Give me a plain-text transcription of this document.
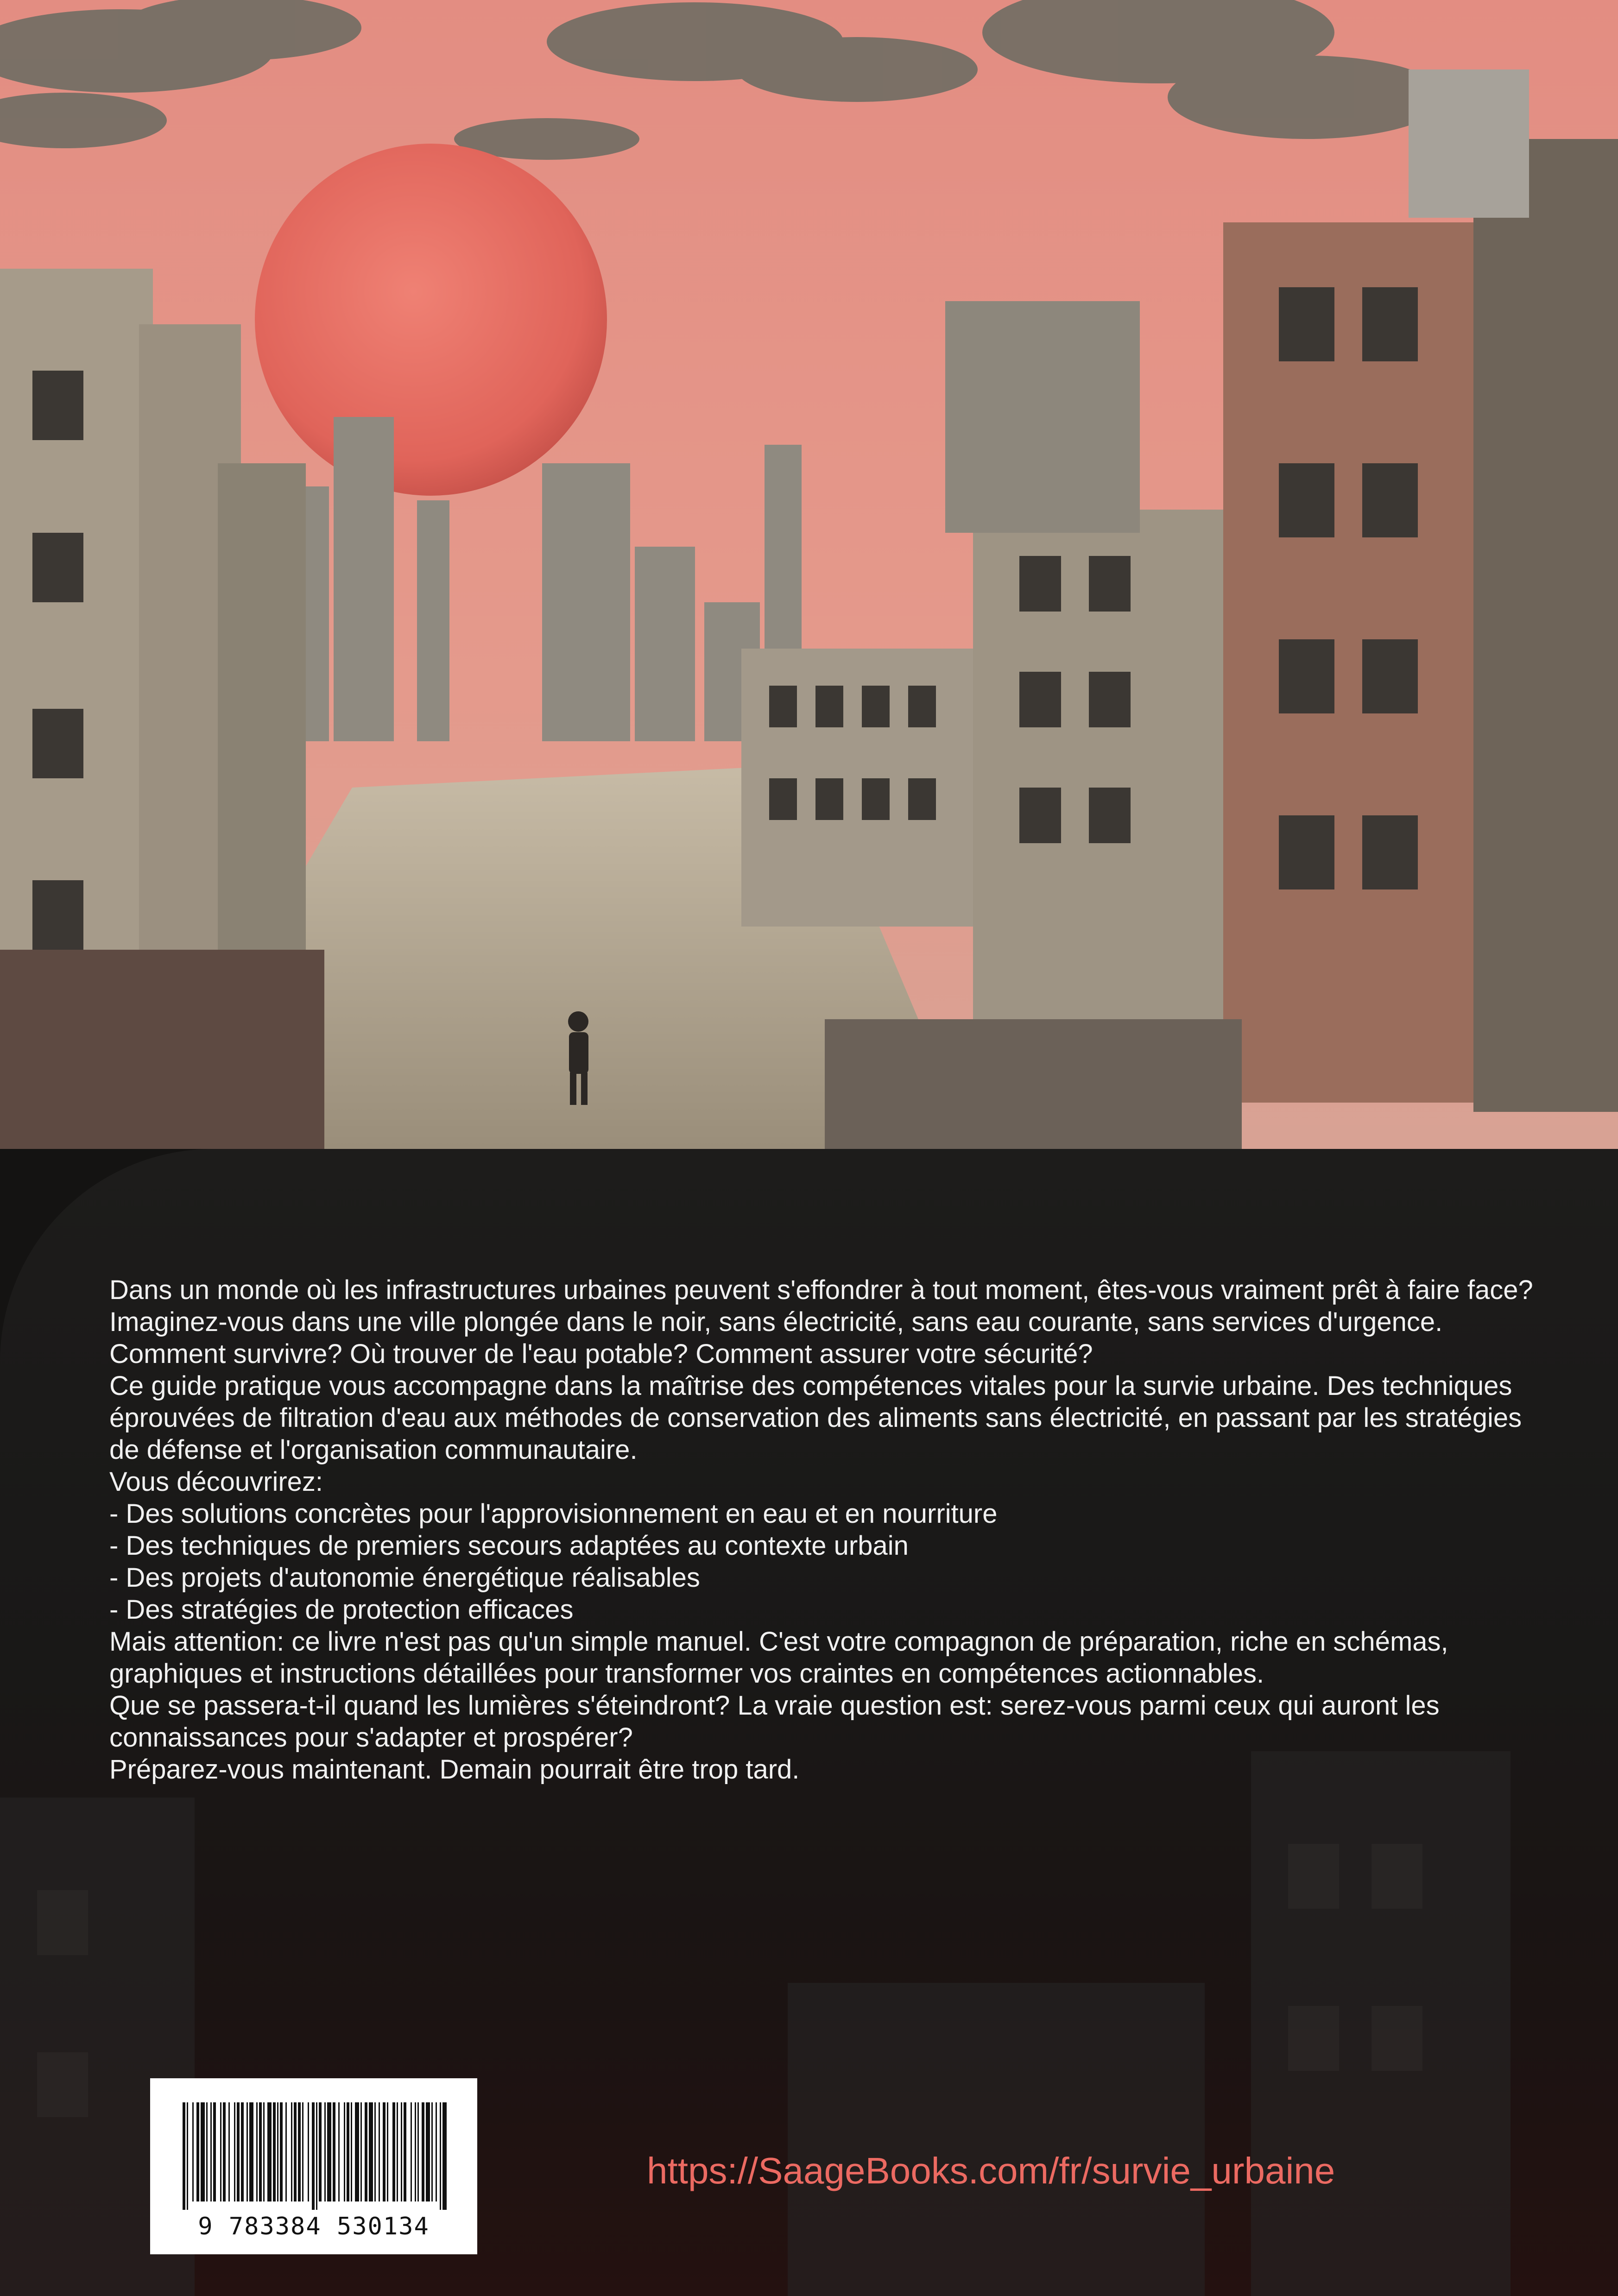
Dans un monde où les infrastructures urbaines peuvent s'effondrer à tout moment, êtes-vous vraiment prêt à faire face?

Imaginez-vous dans une ville plongée dans le noir, sans électricité, sans eau courante, sans services d'urgence. Comment survivre? Où trouver de l'eau potable? Comment assurer votre sécurité?

Ce guide pratique vous accompagne dans la maîtrise des compétences vitales pour la survie urbaine. Des techniques éprouvées de filtration d'eau aux méthodes de conservation des aliments sans électricité, en passant par les stratégies de défense et l'organisation communautaire.

Vous découvrirez:

- Des solutions concrètes pour l'approvisionnement en eau et en nourriture

- Des techniques de premiers secours adaptées au contexte urbain

- Des projets d'autonomie énergétique réalisables

- Des stratégies de protection efficaces

Mais attention: ce livre n'est pas qu'un simple manuel. C'est votre compagnon de préparation, riche en schémas, graphiques et instructions détaillées pour transformer vos craintes en compétences actionnables.

Que se passera-t-il quand les lumières s'éteindront? La vraie question est: serez-vous parmi ceux qui auront les connaissances pour s'adapter et prospérer?

Préparez-vous maintenant. Demain pourrait être trop tard.

9 783384 530134
https://SaageBooks.com/fr/survie_urbaine
